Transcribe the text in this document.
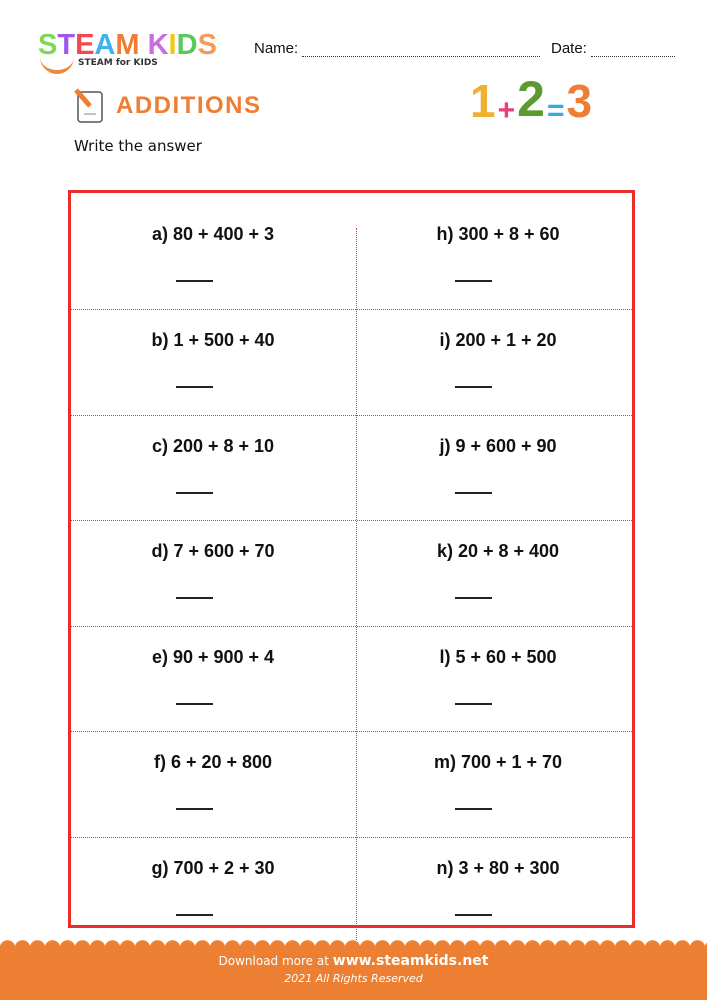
STEAM KIDS
STEAM for KIDS
Name:	Date:
ADDITIONS	1 + 2 = 3
Write the answer
a) 80 + 400 + 3	h) 300 + 8 + 60
b) 1 + 500 + 40	i) 200 + 1 + 20
c) 200 + 8 + 10	j) 9 + 600 + 90
d) 7 + 600 + 70	k) 20 + 8 + 400
e) 90 + 900 + 4	l) 5 + 60 + 500
f) 6 + 20 + 800	m) 700 + 1 + 70
g) 700 + 2 + 30	n) 3 + 80 + 300
Download more at www.steamkids.net
2021 All Rights Reserved
